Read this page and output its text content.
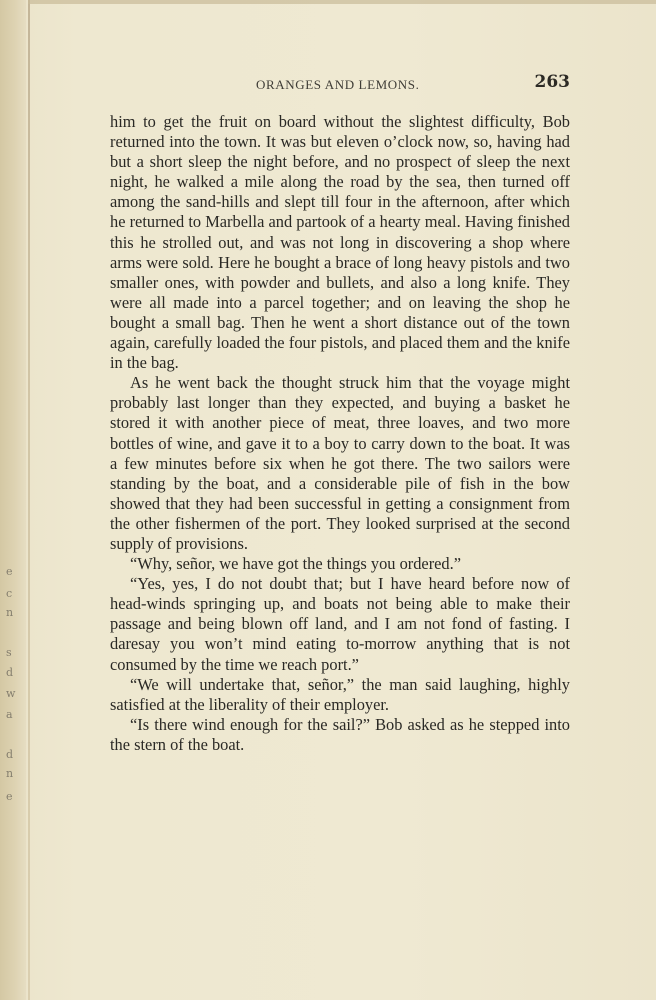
e
c
n
s
d
w
a
d
n
e
ORANGES AND LEMONS.	263

him to get the fruit on board without the slightest difficulty, Bob returned into the town. It was but eleven o’clock now, so, having had but a short sleep the night before, and no prospect of sleep the next night, he walked a mile along the road by the sea, then turned off among the sand-hills and slept till four in the afternoon, after which he returned to Marbella and partook of a hearty meal. Having finished this he strolled out, and was not long in discovering a shop where arms were sold. Here he bought a brace of long heavy pistols and two smaller ones, with powder and bullets, and also a long knife. They were all made into a parcel together; and on leaving the shop he bought a small bag. Then he went a short distance out of the town again, carefully loaded the four pistols, and placed them and the knife in the bag.

As he went back the thought struck him that the voyage might probably last longer than they expected, and buying a basket he stored it with another piece of meat, three loaves, and two more bottles of wine, and gave it to a boy to carry down to the boat. It was a few minutes before six when he got there. The two sailors were standing by the boat, and a considerable pile of fish in the bow showed that they had been successful in getting a consignment from the other fishermen of the port. They looked surprised at the second supply of provisions.

“Why, señor, we have got the things you ordered.”

“Yes, yes, I do not doubt that; but I have heard before now of head-winds springing up, and boats not being able to make their passage and being blown off land, and I am not fond of fasting. I daresay you won’t mind eating to-morrow anything that is not consumed by the time we reach port.”

“We will undertake that, señor,” the man said laughing, highly satisfied at the liberality of their employer.

“Is there wind enough for the sail?” Bob asked as he stepped into the stern of the boat.
